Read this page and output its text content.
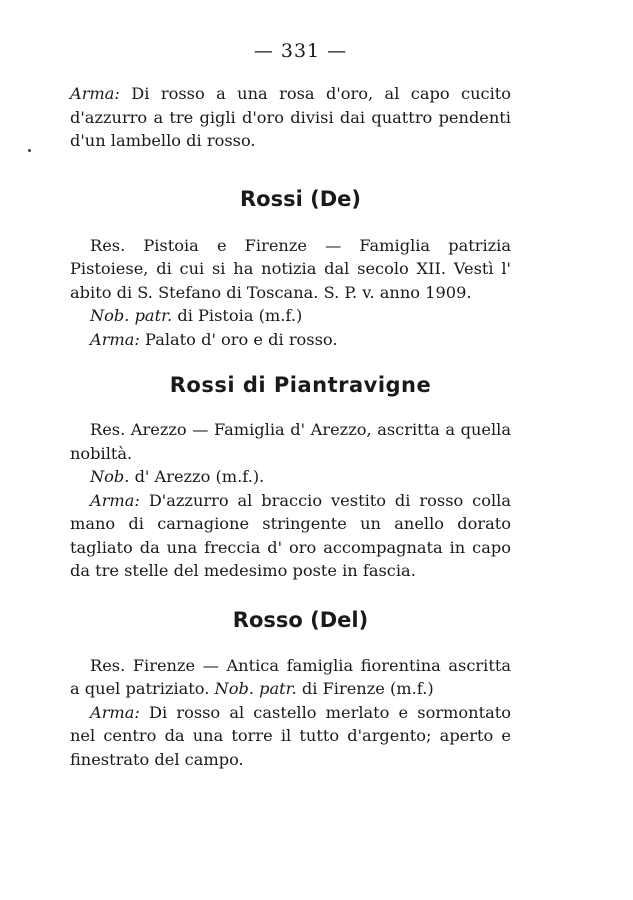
— 331 —

Arma: Di rosso a una rosa d'oro, al capo cucito d'azzurro a tre gigli d'oro divisi dai quattro pendenti d'un lambello di rosso.

Rossi (De)

Res. Pistoia e Firenze — Famiglia patrizia Pistoiese, di cui si ha notizia dal secolo XII. Vestì l' abito di S. Stefano di Toscana. S. P. v. anno 1909.

Nob. patr. di Pistoia (m.f.)

Arma: Palato d' oro e di rosso.

Rossi di Piantravigne

Res. Arezzo — Famiglia d' Arezzo, ascritta a quella nobiltà.

Nob. d' Arezzo (m.f.).

Arma: D'azzurro al braccio vestito di rosso colla mano di carnagione stringente un anello dorato tagliato da una freccia d' oro accompagnata in capo da tre stelle del medesimo poste in fascia.

Rosso (Del)

Res. Firenze — Antica famiglia fiorentina ascritta a quel patriziato. Nob. patr. di Firenze (m.f.)

Arma: Di rosso al castello merlato e sormontato nel centro da una torre il tutto d'argento; aperto e finestrato del campo.
